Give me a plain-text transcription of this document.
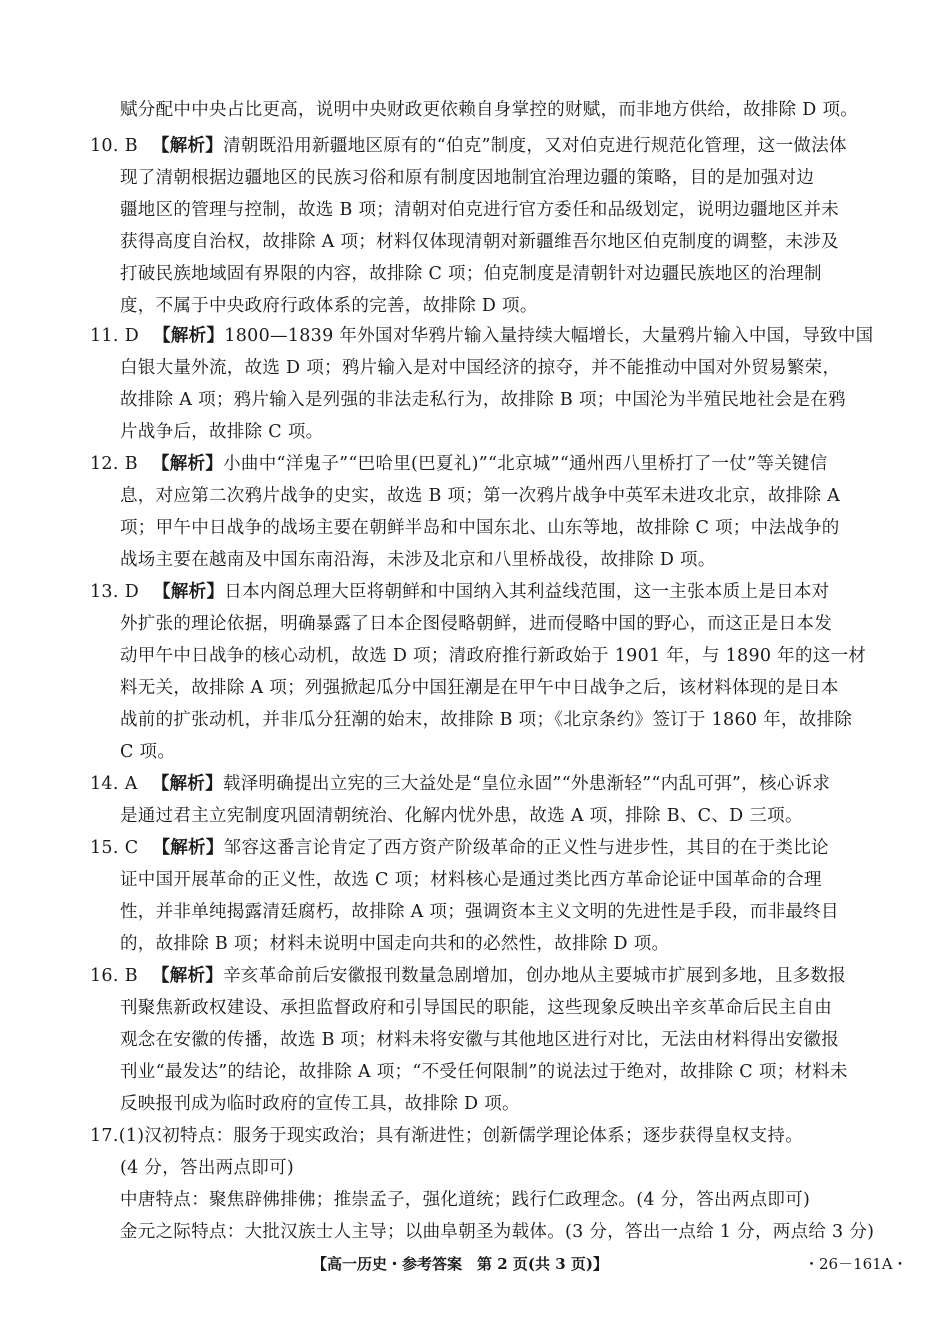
赋分配中中央占比更高，说明中央财政更依赖自身掌控的财赋，而非地方供给，故排除 D 项。
10. B 【解析】清朝既沿用新疆地区原有的“伯克”制度，又对伯克进行规范化管理，这一做法体
现了清朝根据边疆地区的民族习俗和原有制度因地制宜治理边疆的策略，目的是加强对边
疆地区的管理与控制，故选 B 项；清朝对伯克进行官方委任和品级划定，说明边疆地区并未
获得高度自治权，故排除 A 项；材料仅体现清朝对新疆维吾尔地区伯克制度的调整，未涉及
打破民族地域固有界限的内容，故排除 C 项；伯克制度是清朝针对边疆民族地区的治理制
度，不属于中央政府行政体系的完善，故排除 D 项。
11. D 【解析】1800—1839 年外国对华鸦片输入量持续大幅增长，大量鸦片输入中国，导致中国
白银大量外流，故选 D 项；鸦片输入是对中国经济的掠夺，并不能推动中国对外贸易繁荣，
故排除 A 项；鸦片输入是列强的非法走私行为，故排除 B 项；中国沦为半殖民地社会是在鸦
片战争后，故排除 C 项。
12. B 【解析】小曲中“洋鬼子”“巴哈里(巴夏礼)”“北京城”“通州西八里桥打了一仗”等关键信
息，对应第二次鸦片战争的史实，故选 B 项；第一次鸦片战争中英军未进攻北京，故排除 A
项；甲午中日战争的战场主要在朝鲜半岛和中国东北、山东等地，故排除 C 项；中法战争的
战场主要在越南及中国东南沿海，未涉及北京和八里桥战役，故排除 D 项。
13. D 【解析】日本内阁总理大臣将朝鲜和中国纳入其利益线范围，这一主张本质上是日本对
外扩张的理论依据，明确暴露了日本企图侵略朝鲜，进而侵略中国的野心，而这正是日本发
动甲午中日战争的核心动机，故选 D 项；清政府推行新政始于 1901 年，与 1890 年的这一材
料无关，故排除 A 项；列强掀起瓜分中国狂潮是在甲午中日战争之后，该材料体现的是日本
战前的扩张动机，并非瓜分狂潮的始末，故排除 B 项；《北京条约》签订于 1860 年，故排除
C 项。
14. A 【解析】载泽明确提出立宪的三大益处是“皇位永固”“外患渐轻”“内乱可弭”，核心诉求
是通过君主立宪制度巩固清朝统治、化解内忧外患，故选 A 项，排除 B、C、D 三项。
15. C 【解析】邹容这番言论肯定了西方资产阶级革命的正义性与进步性，其目的在于类比论
证中国开展革命的正义性，故选 C 项；材料核心是通过类比西方革命论证中国革命的合理
性，并非单纯揭露清廷腐朽，故排除 A 项；强调资本主义文明的先进性是手段，而非最终目
的，故排除 B 项；材料未说明中国走向共和的必然性，故排除 D 项。
16. B 【解析】辛亥革命前后安徽报刊数量急剧增加，创办地从主要城市扩展到多地，且多数报
刊聚焦新政权建设、承担监督政府和引导国民的职能，这些现象反映出辛亥革命后民主自由
观念在安徽的传播，故选 B 项；材料未将安徽与其他地区进行对比，无法由材料得出安徽报
刊业“最发达”的结论，故排除 A 项；“不受任何限制”的说法过于绝对，故排除 C 项；材料未
反映报刊成为临时政府的宣传工具，故排除 D 项。
17.(1)汉初特点：服务于现实政治；具有渐进性；创新儒学理论体系；逐步获得皇权支持。
(4 分，答出两点即可)
中唐特点：聚焦辟佛排佛；推崇孟子，强化道统；践行仁政理念。(4 分，答出两点即可)
金元之际特点：大批汉族士人主导；以曲阜朝圣为载体。(3 分，答出一点给 1 分，两点给 3 分)
【高一历史・参考答案　第 2 页(共 3 页)】	・26－161A・
